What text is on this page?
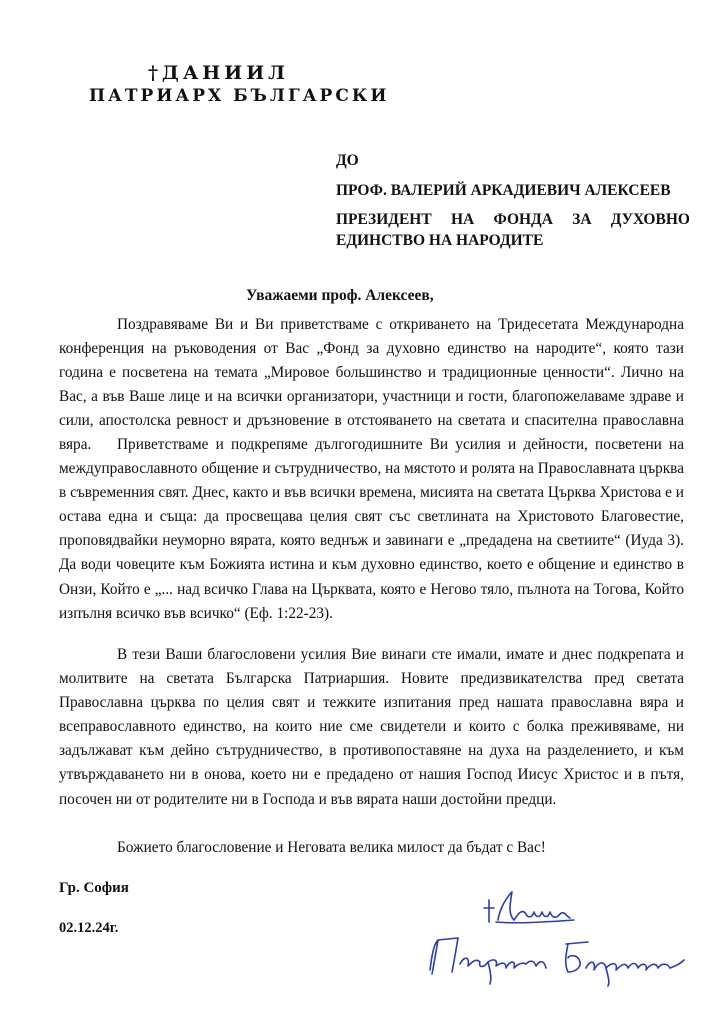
†ДАНИИЛ
ПАТРИАРХ БЪЛГАРСКИ
ДО
ПРОФ. ВАЛЕРИЙ АРКАДИЕВИЧ АЛЕКСЕЕВ
ПРЕЗИДЕНТ НА ФОНДА ЗА ДУХОВНО
ЕДИНСТВО НА НАРОДИТЕ
Уважаеми проф. Алексеев,

Поздравяваме Ви и Ви приветстваме с откриването на Тридесетата Международна конференция на ръководения от Вас „Фонд за духовно единство на народите“, която тази година е посветена на темата „Мировое большинство и традиционные ценности“. Лично на Вас, а във Ваше лице и на всички организатори, участници и гости, благопожелаваме здраве и сили, апостолска ревност и дръзновение в отстояването на светата и спасителна православна вяра.	Приветстваме и подкрепяме дългогодишните Ви усилия и дейности, посветени на междуправославното общение и сътрудничество, на мястото и ролята на Православната църква в съвременния свят. Днес, както и във всички времена, мисията на светата Църква Христова е и остава една и съща: да просвещава целия свят със светлината на Христовото Благовестие, проповядвайки неуморно вярата, която веднъж и завинаги е „предадена на светиите“ (Иуда 3). Да води човеците към Божията истина и към духовно единство, което е общение и единство в Онзи, Който е „... над всичко Глава на Църквата, която е Негово тяло, пълнота на Тогова, Който изпълня всичко във всичко“ (Еф. 1:22-23).

В тези Ваши благословени усилия Вие винаги сте имали, имате и днес подкрепата и молитвите на светата Българска Патриаршия. Новите предизвикателства пред светата Православна църква по целия свят и тежките изпитания пред нашата православна вяра и всеправославното единство, на които ние сме свидетели и които с болка преживяваме, ни задължават към дейно сътрудничество, в противопоставяне на духа на разделението, и към утвърждаването ни в онова, което ни е предадено от нашия Господ Иисус Христос и в пътя, посочен ни от родителите ни в Господа и във вярата наши достойни предци.

Божието благословение и Неговата велика милост да бъдат с Вас!

Гр. София
02.12.24г.
